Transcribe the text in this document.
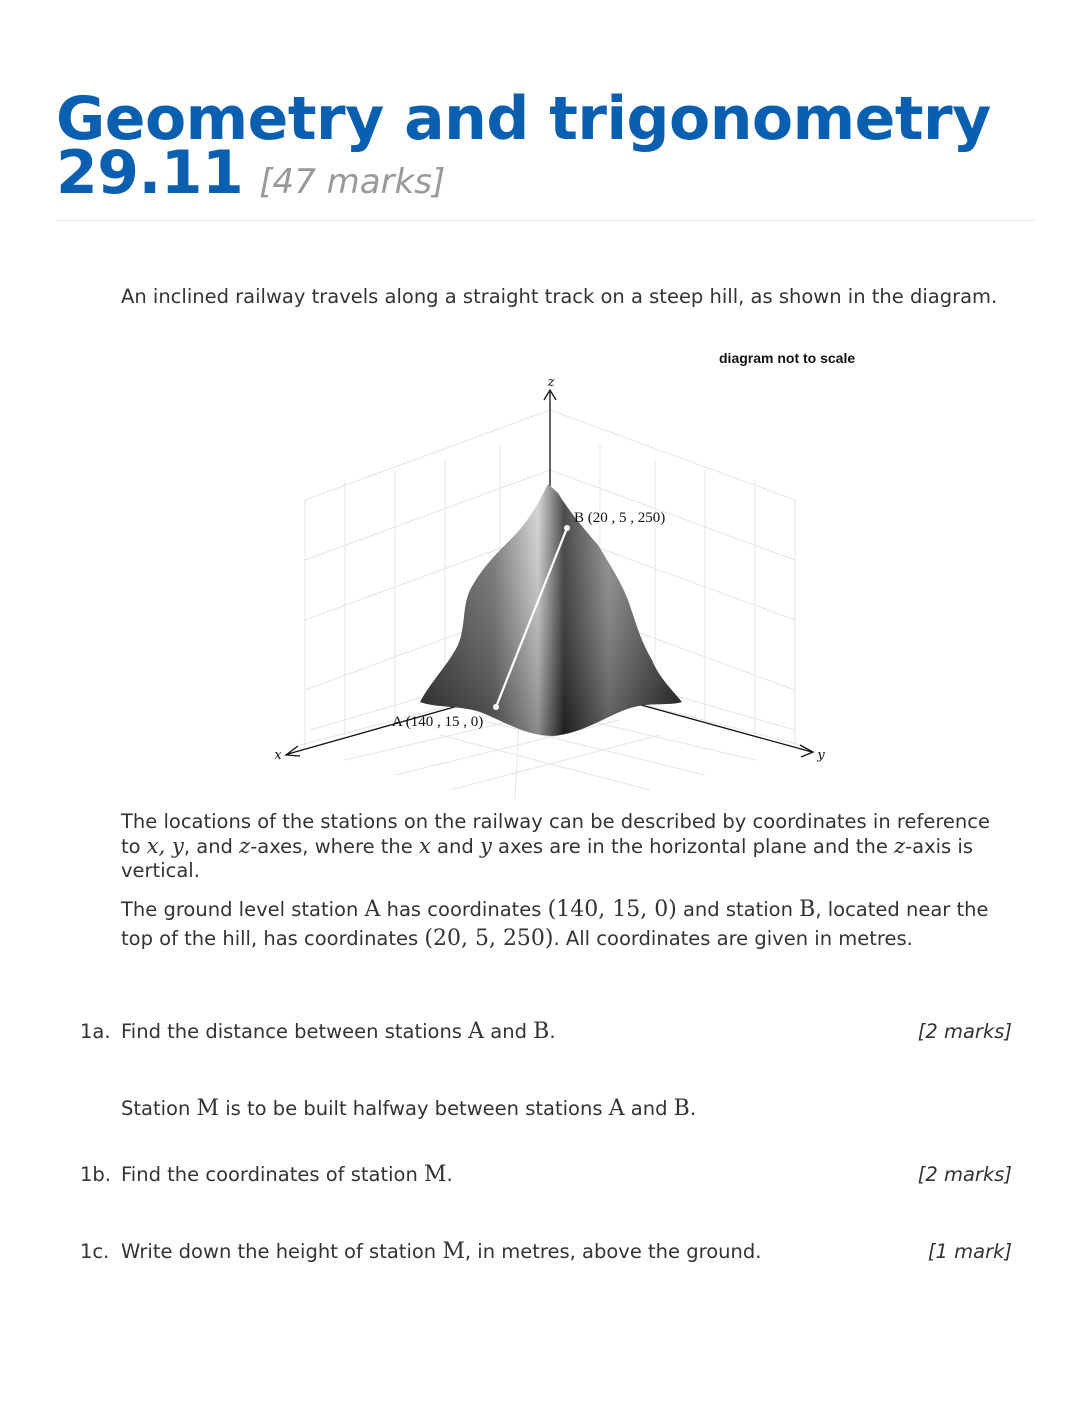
Geometry and trigonometry
29.11 [47 marks]

An inclined railway travels along a straight track on a steep hill, as shown in the diagram.

z
x	y
B (20 , 5 , 250)
A (140 , 15 , 0)
diagram not to scale

The locations of the stations on the railway can be described by coordinates in reference to x, y, and z-axes, where the x and y axes are in the horizontal plane and the z-axis is vertical.

The ground level station A has coordinates (140, 15, 0) and station B, located near the top of the hill, has coordinates (20, 5, 250). All coordinates are given in metres.

1a. Find the distance between stations A and B.	[2 marks]

Station M is to be built halfway between stations A and B.

1b. Find the coordinates of station M.	[2 marks]
1c. Write down the height of station M, in metres, above the ground.	[1 mark]
